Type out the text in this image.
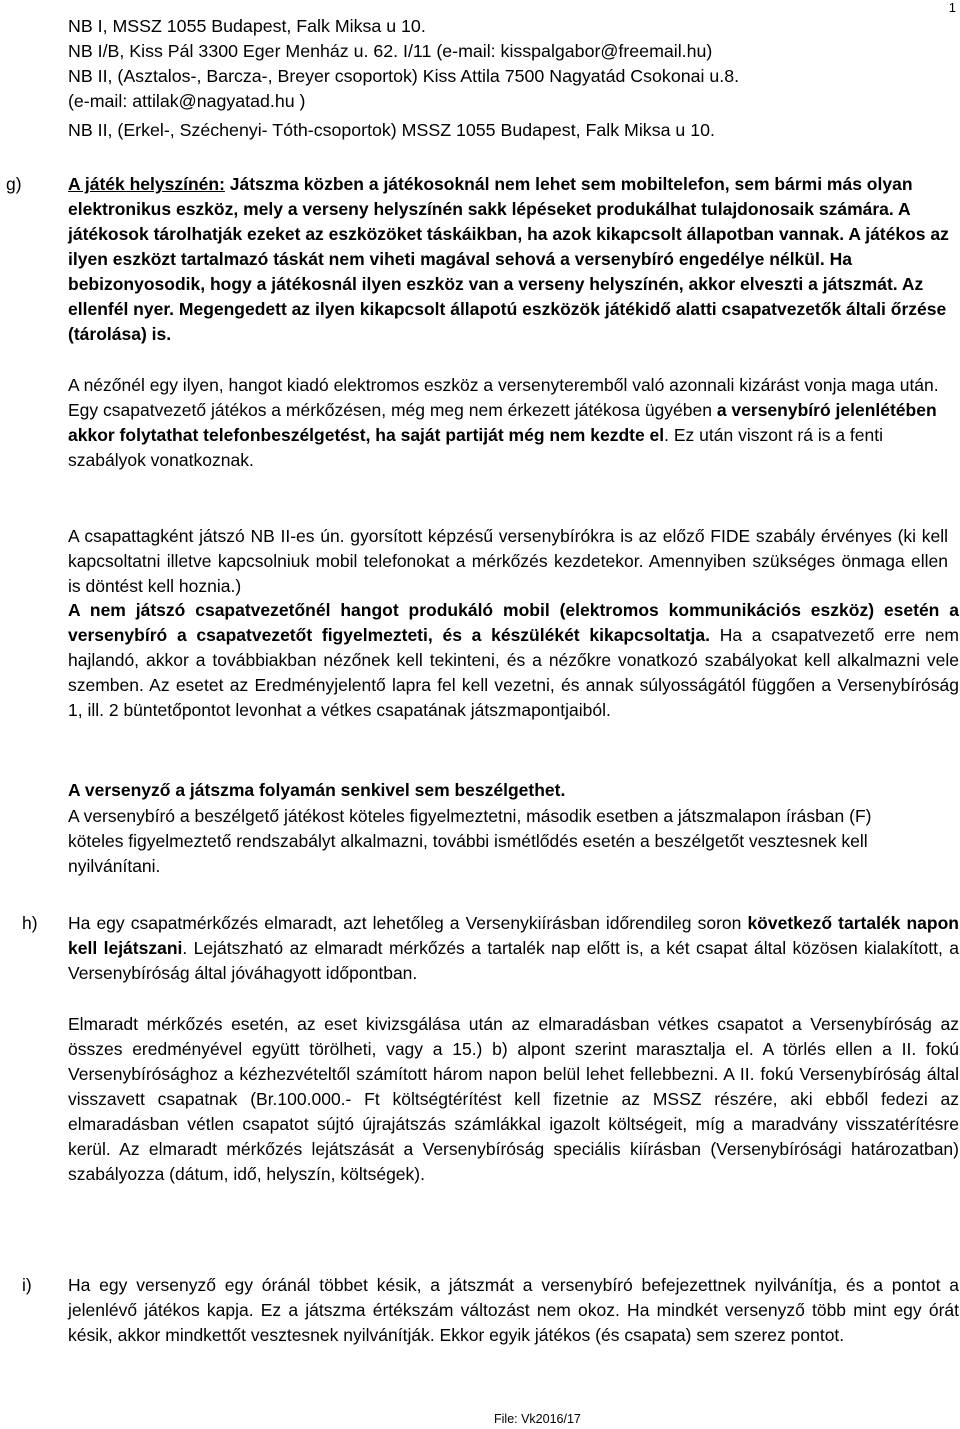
1
NB I, MSSZ 1055 Budapest, Falk Miksa u 10.
NB I/B, Kiss Pál 3300 Eger Menház u. 62. I/11 (e-mail: kisspalgabor@freemail.hu)
NB II, (Asztalos-, Barcza-, Breyer csoportok) Kiss Attila 7500 Nagyatád Csokonai u.8.
(e-mail: attilak@nagyatad.hu )
NB II, (Erkel-, Széchenyi- Tóth-csoportok) MSSZ 1055 Budapest, Falk Miksa u 10.
g)	A játék helyszínén: Játszma közben a játékosoknál nem lehet sem mobiltelefon, sem bármi más olyan elektronikus eszköz, mely a verseny helyszínén sakk lépéseket produkálhat tulajdonosaik számára. A játékosok tárolhatják ezeket az eszközöket táskáikban, ha azok kikapcsolt állapotban vannak. A játékos az ilyen eszközt tartalmazó táskát nem viheti magával sehová a versenybíró engedélye nélkül. Ha bebizonyosodik, hogy a játékosnál ilyen eszköz van a verseny helyszínén, akkor elveszti a játszmát. Az ellenfél nyer. Megengedett az ilyen kikapcsolt állapotú eszközök játékidő alatti csapatvezetők általi őrzése (tárolása) is.

A nézőnél egy ilyen, hangot kiadó elektromos eszköz a versenyteremből való azonnali kizárást vonja maga után. Egy csapatvezető játékos a mérkőzésen, még meg nem érkezett játékosa ügyében a versenybíró jelenlétében akkor folytathat telefonbeszélgetést, ha saját partiját még nem kezdte el. Ez után viszont rá is a fenti szabályok vonatkoznak.

A csapattagként játszó NB II-es ún. gyorsított képzésű versenybírókra is az előző FIDE szabály érvényes (ki kell kapcsoltatni illetve kapcsolniuk mobil telefonokat a mérkőzés kezdetekor. Amennyiben szükséges önmaga ellen is döntést kell hoznia.)

A nem játszó csapatvezetőnél hangot produkáló mobil (elektromos kommunikációs eszköz) esetén a versenybíró a csapatvezetőt figyelmezteti, és a készülékét kikapcsoltatja. Ha a csapatvezető erre nem hajlandó, akkor a továbbiakban nézőnek kell tekinteni, és a nézőkre vonatkozó szabályokat kell alkalmazni vele szemben. Az esetet az Eredményjelentő lapra fel kell vezetni, és annak súlyosságától függően a Versenybíróság 1, ill. 2 büntetőpontot levonhat a vétkes csapatának játszmapontjaiból.

A versenyző a játszma folyamán senkivel sem beszélgethet.

A versenybíró a beszélgető játékost köteles figyelmeztetni, második esetben a játszmalapon írásban (F) köteles figyelmeztető rendszabályt alkalmazni, további ismétlődés esetén a beszélgetőt vesztesnek kell nyilvánítani.

h) Ha egy csapatmérkőzés elmaradt, azt lehetőleg a Versenykiírásban időrendileg soron következő tartalék napon kell lejátszani. Lejátszható az elmaradt mérkőzés a tartalék nap előtt is, a két csapat által közösen kialakított, a Versenybíróság által jóváhagyott időpontban.

Elmaradt mérkőzés esetén, az eset kivizsgálása után az elmaradásban vétkes csapatot a Versenybíróság az összes eredményével együtt törölheti, vagy a 15.) b) alpont szerint marasztalja el. A törlés ellen a II. fokú Versenybírósághoz a kézhezvételtől számított három napon belül lehet fellebbezni. A II. fokú Versenybíróság által visszavett csapatnak (Br.100.000.- Ft költségtérítést kell fizetnie az MSSZ részére, aki ebből fedezi az elmaradásban vétlen csapatot sújtó újrajátszás számlákkal igazolt költségeit, míg a maradvány visszatérítésre kerül. Az elmaradt mérkőzés lejátszását a Versenybíróság speciális kiírásban (Versenybírósági határozatban) szabályozza (dátum, idő, helyszín, költségek).

i) Ha egy versenyző egy óránál többet késik, a játszmát a versenybíró befejezettnek nyilvánítja, és a pontot a jelenlévő játékos kapja. Ez a játszma értékszám változást nem okoz. Ha mindkét versenyző több mint egy órát késik, akkor mindkettőt vesztesnek nyilvánítják. Ekkor egyik játékos (és csapata) sem szerez pontot.

File: Vk2016/17
